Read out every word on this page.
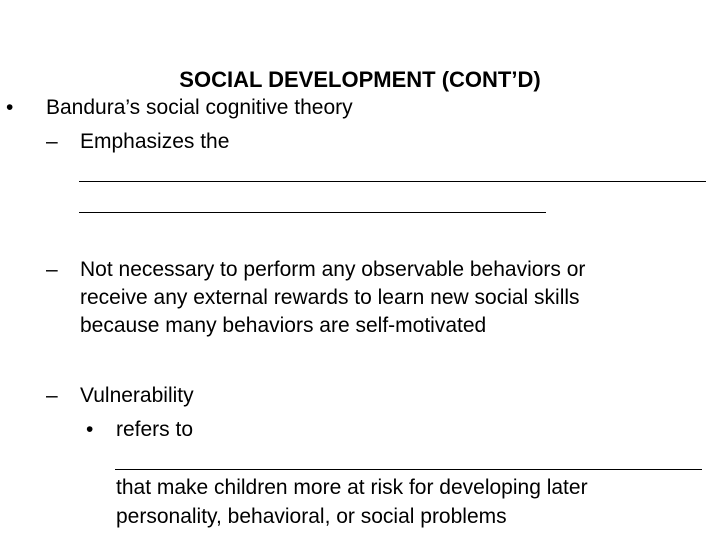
SOCIAL DEVELOPMENT (CONT’D)
• Bandura’s social cognitive theory
– Emphasizes the
– Not necessary to perform any observable behaviors or
receive any external rewards to learn new social skills
because many behaviors are self-motivated
– Vulnerability
• refers to
that make children more at risk for developing later
personality, behavioral, or social problems
